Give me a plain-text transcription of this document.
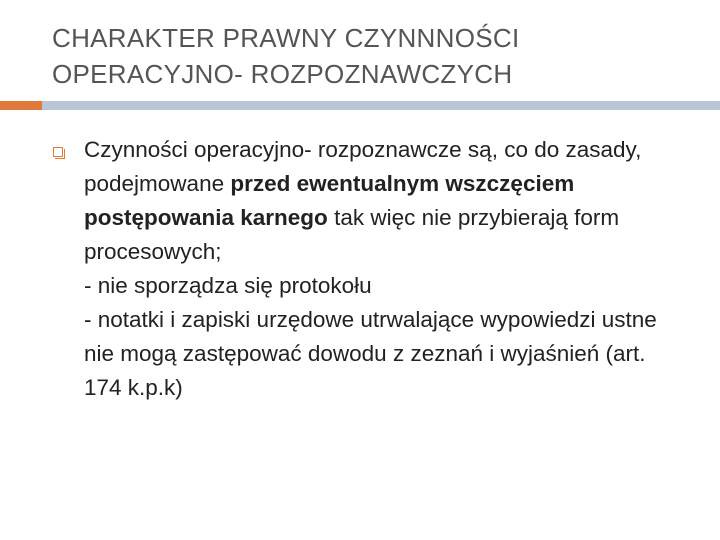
CHARAKTER PRAWNY CZYNNNOŚCI
OPERACYJNO- ROZPOZNAWCZYCH

Czynności operacyjno- rozpoznawcze są, co do zasady, podejmowane przed ewentualnym wszczęciem postępowania karnego tak więc nie przybierają form procesowych;

- nie sporządza się protokołu

- notatki i zapiski urzędowe utrwalające wypowiedzi ustne nie mogą zastępować dowodu z zeznań i wyjaśnień (art. 174 k.p.k)
